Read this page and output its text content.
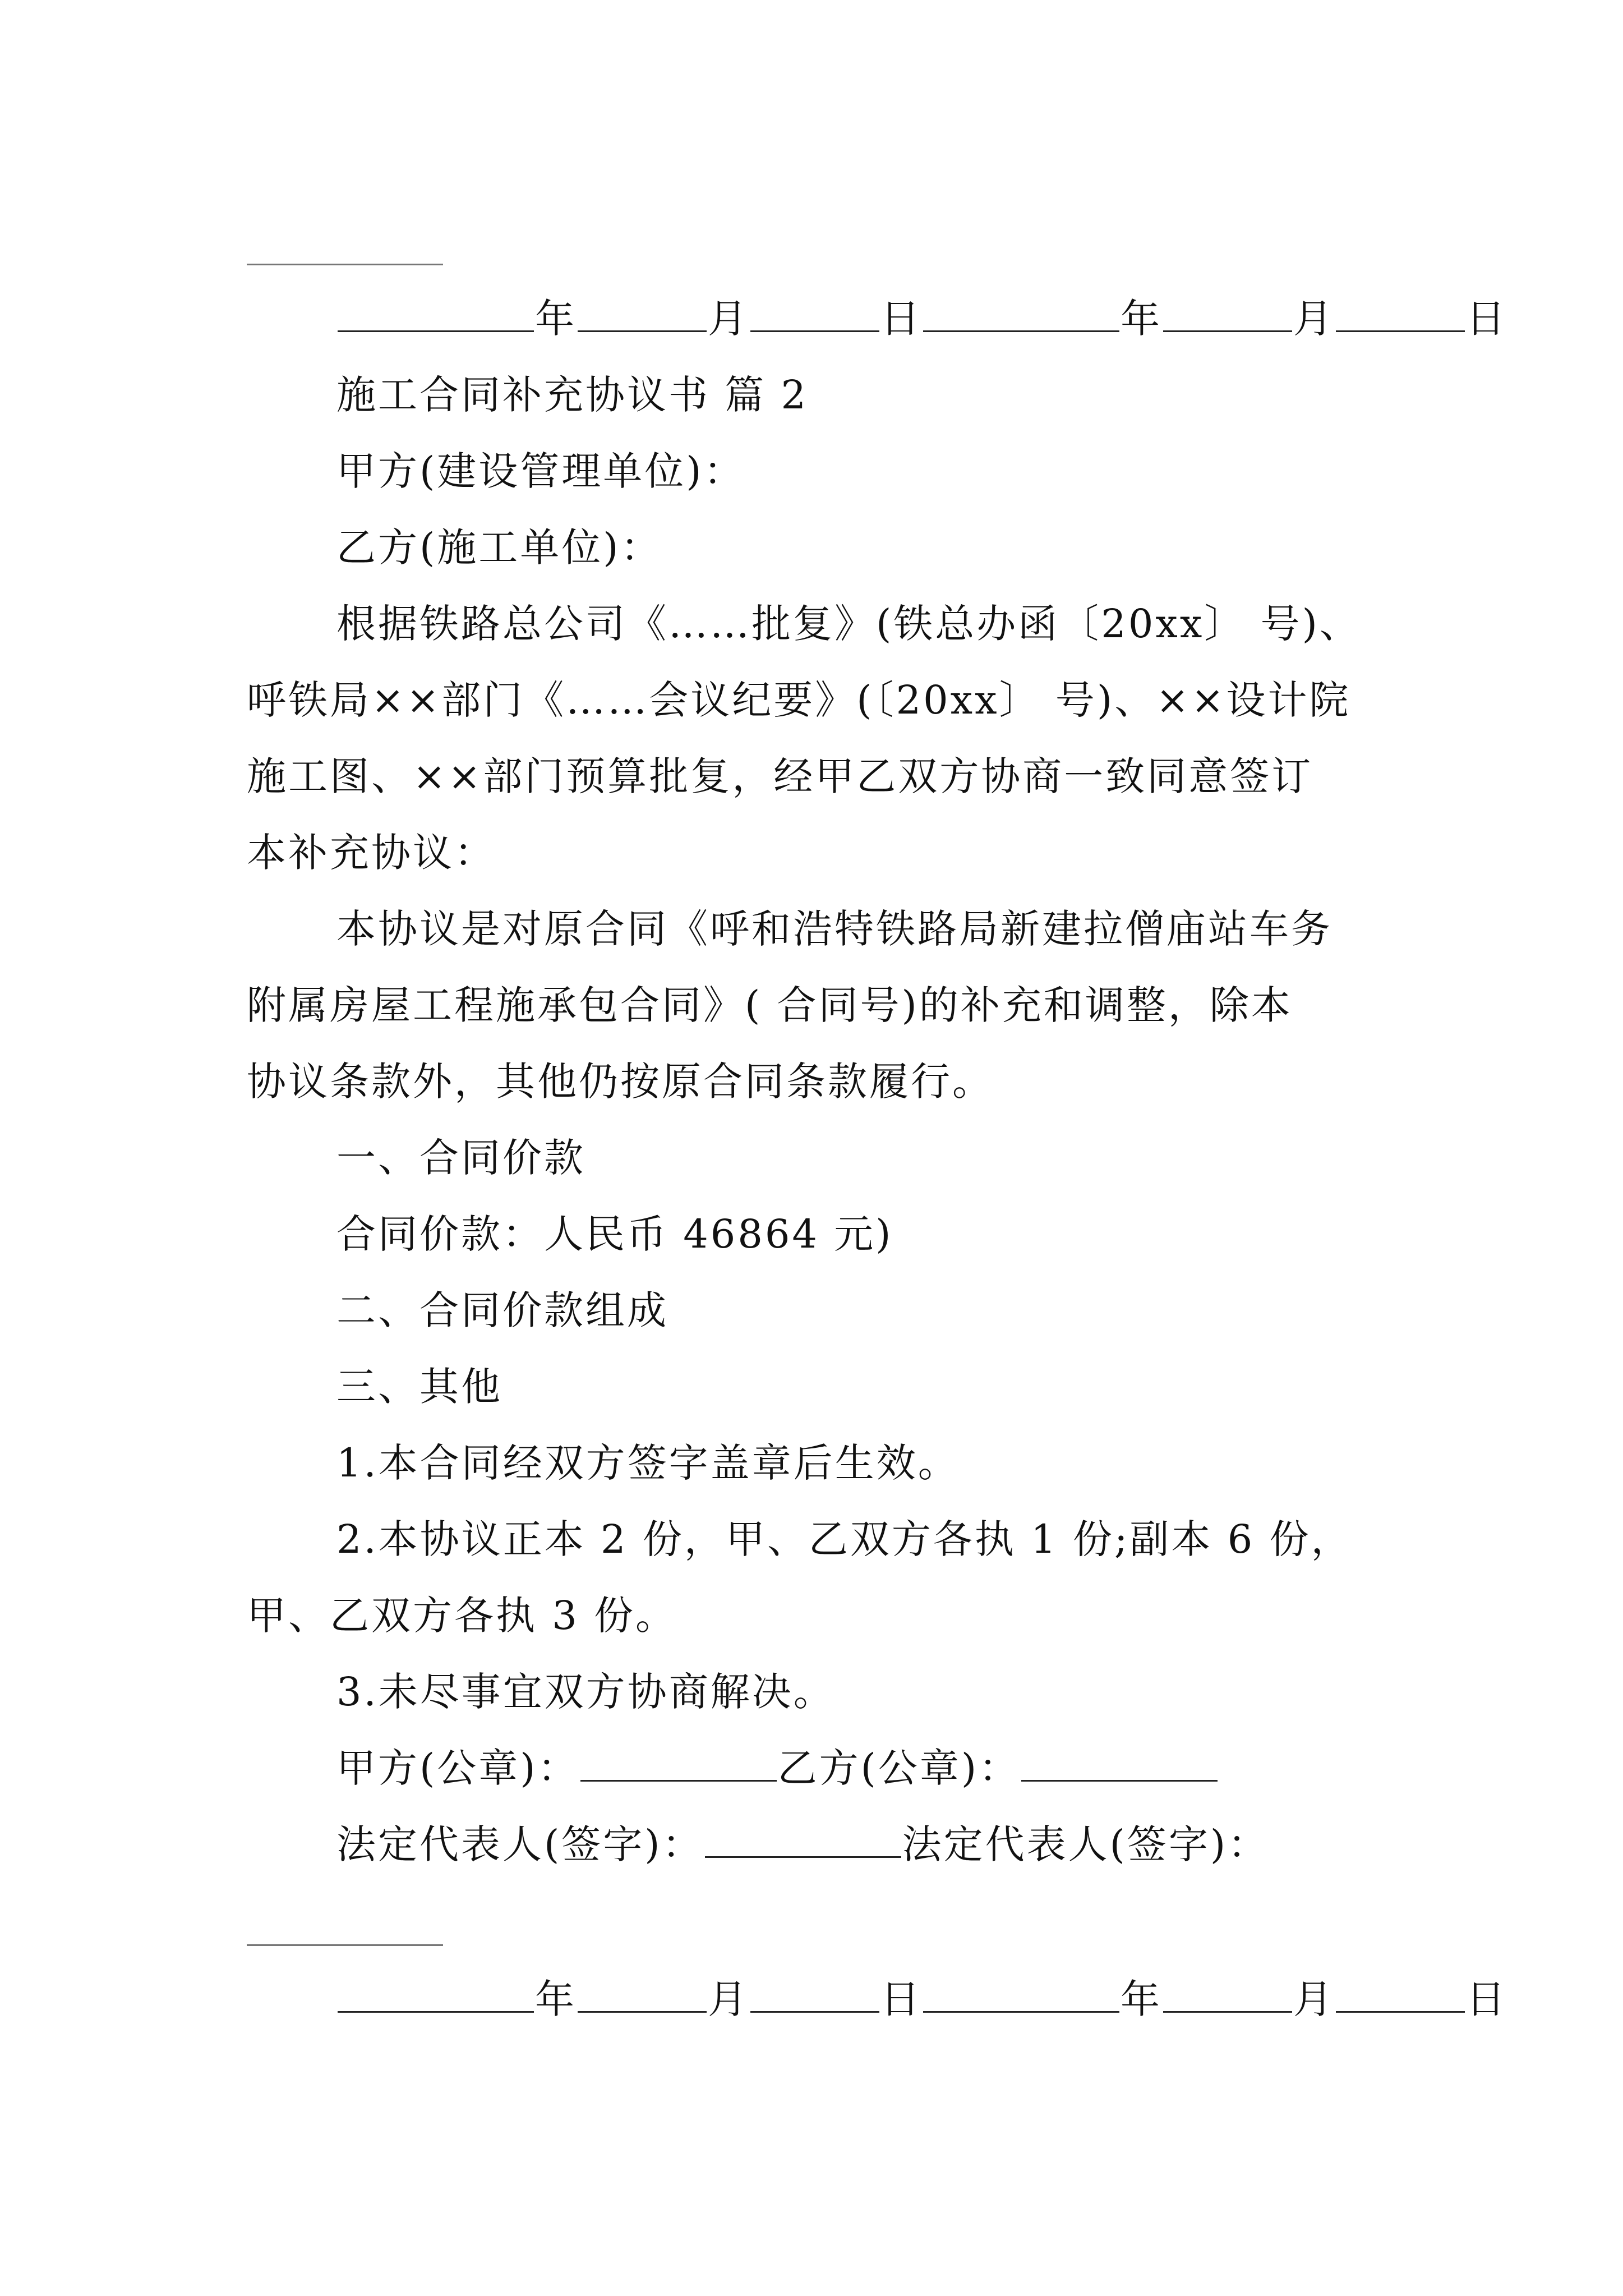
年	月	日	年	月	日
施工合同补充协议书 篇 2
甲方(建设管理单位)：
乙方(施工单位)：
根据铁路总公司《……批复》(铁总办函〔20xx〕 号)、
呼铁局××部门《……会议纪要》(〔20xx〕 号)、××设计院
施工图、××部门预算批复，经甲乙双方协商一致同意签订
本补充协议：
本协议是对原合同《呼和浩特铁路局新建拉僧庙站车务
附属房屋工程施承包合同》( 合同号)的补充和调整，除本
协议条款外，其他仍按原合同条款履行。
一、合同价款
合同价款：人民币 46864 元)
二、合同价款组成
三、其他
1.本合同经双方签字盖章后生效。
2.本协议正本 2 份，甲、乙双方各执 1 份;副本 6 份，
甲、乙双方各执 3 份。
3.未尽事宜双方协商解决。
甲方(公章)：	乙方(公章)：
法定代表人(签字)：	法定代表人(签字)：
年	月	日	年	月	日
